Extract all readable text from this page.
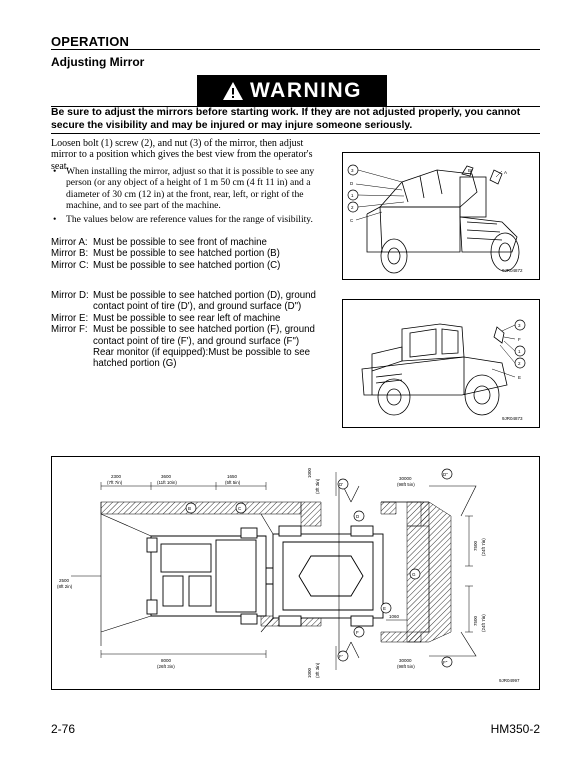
OPERATION
Adjusting Mirror
WARNING
Be sure to adjust the mirrors before starting work. If they are not adjusted properly, you cannot secure the visibility and may be injured or may injure someone seriously.
Loosen bolt (1) screw (2), and nut (3) of the mirror, then adjust mirror to a position which gives the best view from the operator's seat.
• When installing the mirror, adjust so that it is possible to see any person (or any object of a height of 1 m 50 cm (4 ft 11 in) and a diameter of 30 cm (12 in) at the front, rear, left, or right of the machine, and to see part of the machine.
• The values below are reference values for the range of visibility.
Mirror A: Must be possible to see front of machine
Mirror B: Must be possible to see hatched portion (B)
Mirror C: Must be possible to see hatched portion (C)
Mirror D: Must be possible to see hatched portion (D), ground contact point of tire (D'), and ground surface (D")
Mirror E: Must be possible to see rear left of machine
Mirror F: Must be possible to see hatched portion (F), ground contact point of tire (F'), and ground surface (F")
Rear monitor (if equipped):Must be possible to see hatched portion (G)
3
D
1
2
C
B	A
9JR04872
3
F
1
2
E
9JR04873
B	C
D'
F'
G
E
D"
F"
D
F
2300
(7ft 7in)
3600
(11ft 10in)
1650
(5ft 5in)
2500
(8ft 2in)
8000
(26ft 3in)
1060
30000
(98ft 5in)
30000
(98ft 5in)
1000
(3ft 3in)
1000 (3ft 3in)
7500 (24ft 7in)
7500 (24ft 7in)
9JR04997
2-76	HM350-2
